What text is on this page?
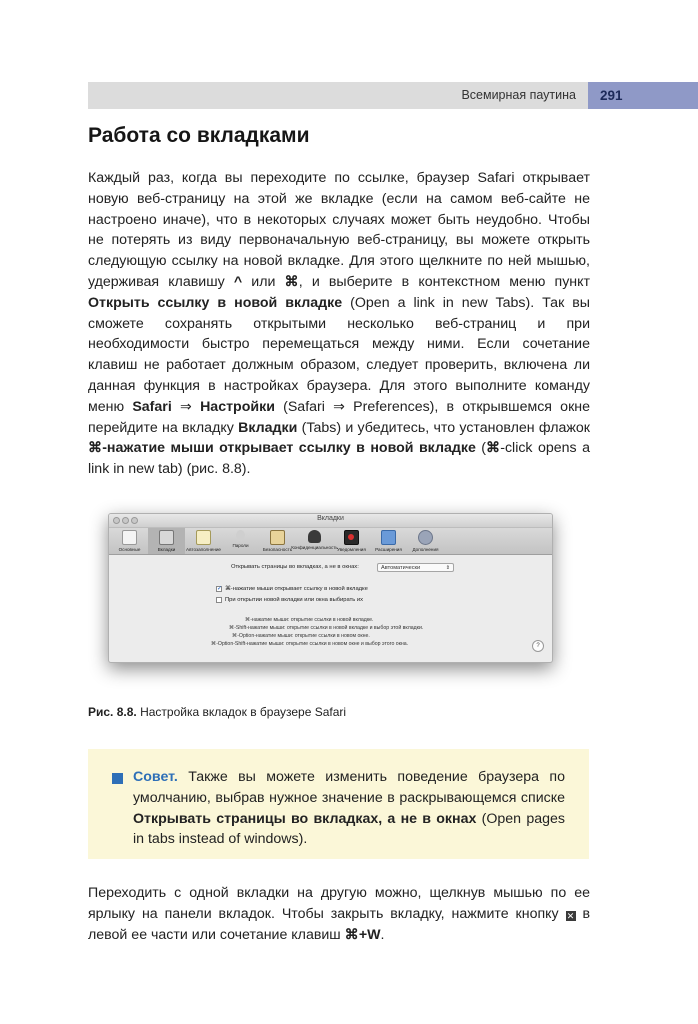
Всемирная паутина	291
Работа со вкладками

Каждый раз, когда вы переходите по ссылке, браузер Safari открывает новую веб-страницу на этой же вкладке (если на самом веб-сайте не настроено иначе), что в некоторых случаях может быть неудобно. Чтобы не потерять из виду первоначальную веб-страницу, вы можете открыть следующую ссылку на новой вкладке. Для этого щелкните по ней мышью, удерживая клавишу ^ или ⌘, и выберите в контекстном меню пункт Открыть ссылку в новой вкладке (Open a link in new Tabs). Так вы сможете сохранять открытыми несколько веб-страниц и при необходимости быстро перемещаться между ними. Если сочетание клавиш не работает должным образом, следует проверить, включена ли данная функция в настройках браузера. Для этого выполните команду меню Safari ⇒ Настройки (Safari ⇒ Preferences), в открывшемся окне перейдите на вкладку Вкладки (Tabs) и убедитесь, что установлен флажок ⌘-нажатие мыши открывает ссылку в новой вкладке (⌘-click opens a link in new tab) (рис. 8.8).

Вкладки
Основные	Вкладки Автозаполнение
Пароли
Безопасность Конфиденциальность Уведомления Расширения Дополнения
Открывать страницы во вкладках, а не в окнах:	Автоматически	⇕
✓ ⌘-нажатие мыши открывает ссылку в новой вкладке
При открытии новой вкладки или окна выбирать их
⌘-нажатие мыши: открытие ссылки в новой вкладке.
⌘-Shift-нажатие мыши: открытие ссылки в новой вкладке и выбор этой вкладки.
⌘-Option-нажатие мыши: открытие ссылки в новом окне.
⌘-Option-Shift-нажатие мыши: открытие ссылки в новом окне и выбор этого окна.	?
Рис. 8.8. Настройка вкладок в браузере Safari

Совет. Также вы можете изменить поведение браузера по умолчанию, выбрав нужное значение в раскрывающемся списке Открывать страницы во вкладках, а не в окнах (Open pages in tabs instead of windows).

Переходить с одной вкладки на другую можно, щелкнув мышью по ее ярлыку на панели вкладок. Чтобы закрыть вкладку, нажмите кнопку ✕ в левой ее части или сочетание клавиш ⌘+W.
